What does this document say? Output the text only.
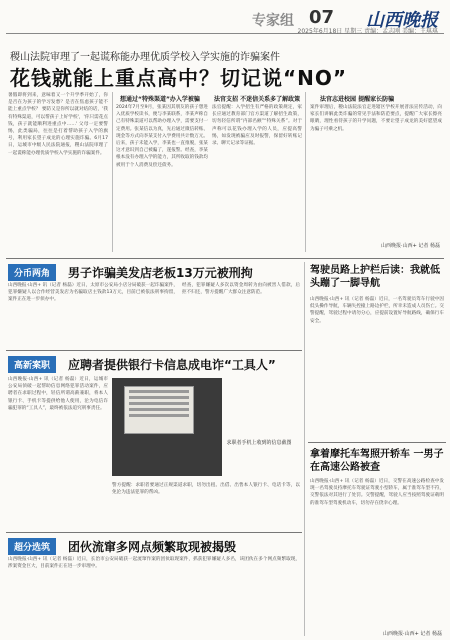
专家组 07 山西晚报
2025年6月18日 星期三 责编：孟志刚 美编：王琪琪
稷山法院审理了一起谎称能办理优质学校入学实施的诈骗案件
花钱就能上重点高中？切记说“NO”
暑假即将到来，意味着又一个升学季开始了，你是否在为孩子的学习发愁？是否在焦虑孩子能不能上重点学校？ 要防又是你所以就对结的话，'我有特殊渠道，可以帮孩子上好学校'，'你只需花点钱，孩子就能顺利进重点中……' 父母一定要警惕，此类骗局，往往是打着帮助孩子入学的旗号，利用家长望子成龙的心理实施诈骗。6月17日，运城市中级人民法院通报，稷山法院审理了一起谎称能办理优质学校入学实施的诈骗案件。
想通过“特殊渠道”办入学被骗
2024年7月至9月，张某因其朋友的孩子想进入优质学校读书，便与李某联系，李某声称自己有特殊渠道可以帮助办理入学，需要支付一定费用。张某信以为真，先后通过微信转账、现金等方式向李某支付入学费用共计数万元。后来，孩子未能入学，李某也一直推脱，张某这才意识到自己被骗了，遂报警。经查，李某根本没有办理入学的能力，其所收取的钱款均被用于个人消费及偿还债务。
法官支招 不迷信关系多了解政策
法官提醒：入学招生有严格的政策规定，家长应通过教育部门官方渠道了解招生政策，切勿轻信所谓“内部名额”“特殊关系”。对于声称可以花钱办理入学的人员，应提高警惕，如发现被骗应及时报警，保留好转账记录、聊天记录等证据。
法官志进校园 提醒家长防骗
案件审理后，稷山法院法官走进辖区学校开展普法宣传活动，向家长们讲解此类诈骗的常见手法和防范要点，提醒广大家长擦亮眼睛，理性看待孩子的升学问题，不要让望子成龙的美好愿望成为骗子可乘之机。
山西晚报·山西+ 记者 杨磊
分币两角	男子诈骗美发店老板13万元被刑拘
山西晚报·山西+ 讯（记者 杨磊）近日，太原市公安局小店分局破获一起诈骗案件，犯罪嫌疑人以合作经营美发店为名骗取店主钱款13万元，目前已被依法刑事拘留，案件正在进一步侦办中。
经查，犯罪嫌疑人多次以资金周转为由向被害人借款，后拒不归还，警方提醒广大群众注意防范。
高新案职	应聘者提供银行卡信息成电诈“工具人”
山西晚报·山西+ 讯（记者 杨磊）近日，运城市公安局侦破一起帮助信息网络犯罪活动案件，应聘者在求职过程中，轻信所谓高薪兼职，将本人银行卡、手机卡等提供给他人使用，沦为电信诈骗犯罪的“工具人”，最终被依法追究刑事责任。
求职者手机上收到的信息截图
警方提醒：求职者要通过正规渠道求职，切勿出租、出借、出售本人银行卡、电话卡等，以免沦为违法犯罪的帮凶。
超分选筑	团伙流窜多网点频繁取现被揭毁
山西晚报·山西+ 讯（记者 杨磊）近日，长治市公安局破获一起流窜作案的团伙取现案件，抓获犯罪嫌疑人多名，该团伙在多个网点频繁取现，涉案资金巨大，目前案件正在进一步审理中。
驾驶员路上护栏后读：我就低头蹦了一脚导航
山西晚报·山西+ 讯（记者 杨磊）近日，一名驾驶员驾车行驶中因低头操作导航，车辆失控撞上路边护栏，所幸未造成人员伤亡。交警提醒，驾驶过程中请勿分心，应提前设置好导航路线，确保行车安全。
拿着摩托车驾照开轿车 一男子在高速公路被查
山西晚报·山西+ 讯（记者 杨磊）近日，交警在高速公路检查中发现一名驾驶员持摩托车驾驶证驾驶小型轿车，属于准驾车型不符，交警依法对其进行了处罚。交警提醒，驾驶人应当按照驾驶证载明的准驾车型驾驶机动车，切勿存在侥幸心理。
山西晚报·山西+ 记者 杨磊
